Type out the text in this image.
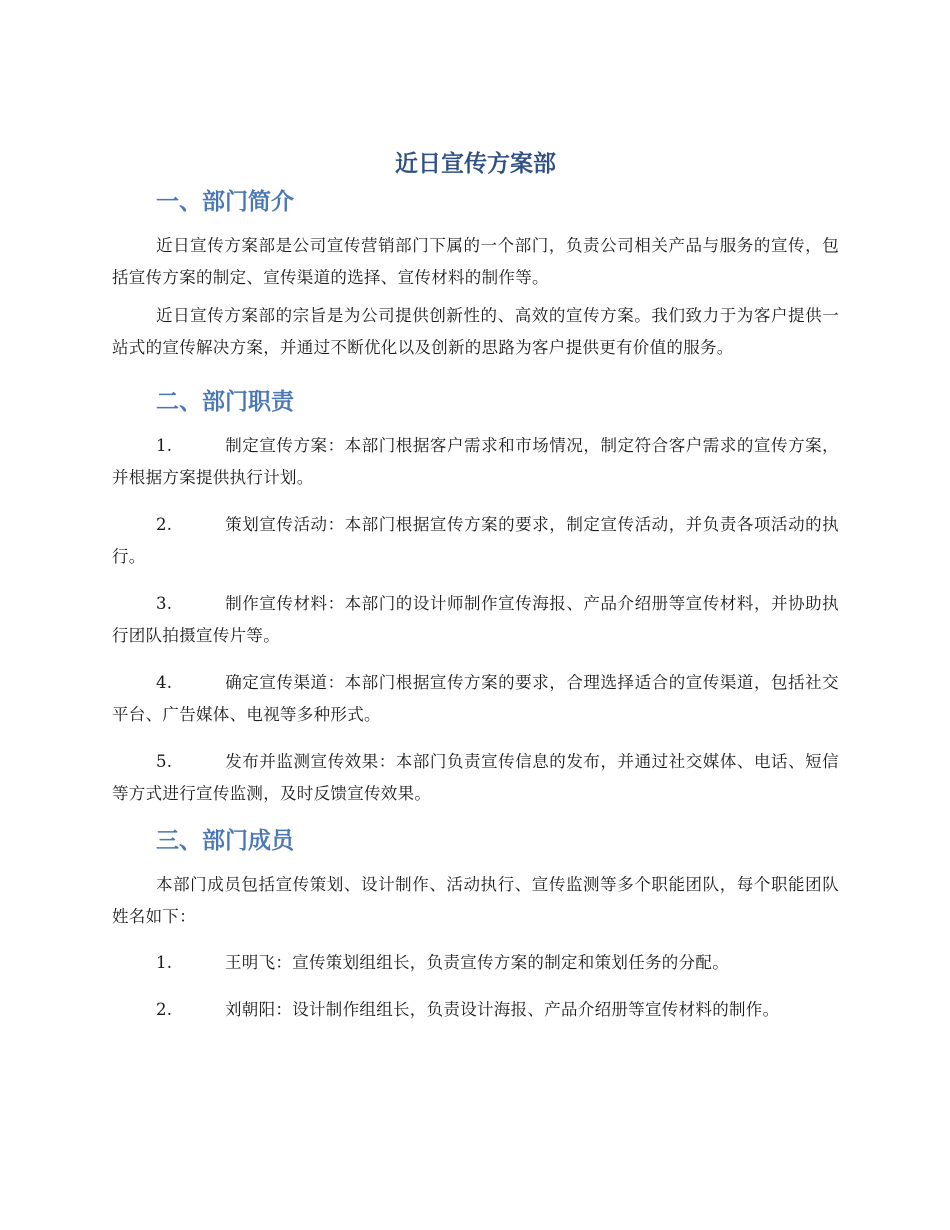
近日宣传方案部
一、部门简介

近日宣传方案部是公司宣传营销部门下属的一个部门，负责公司相关产品与服务的宣传，包括宣传方案的制定、宣传渠道的选择、宣传材料的制作等。

近日宣传方案部的宗旨是为公司提供创新性的、高效的宣传方案。我们致力于为客户提供一站式的宣传解决方案，并通过不断优化以及创新的思路为客户提供更有价值的服务。

二、部门职责

1.	制定宣传方案：本部门根据客户需求和市场情况，制定符合客户需求的宣传方案，并根据方案提供执行计划。

2.	策划宣传活动：本部门根据宣传方案的要求，制定宣传活动，并负责各项活动的执行。

3.	制作宣传材料：本部门的设计师制作宣传海报、产品介绍册等宣传材料，并协助执行团队拍摄宣传片等。

4.	确定宣传渠道：本部门根据宣传方案的要求，合理选择适合的宣传渠道，包括社交平台、广告媒体、电视等多种形式。

5.	发布并监测宣传效果：本部门负责宣传信息的发布，并通过社交媒体、电话、短信等方式进行宣传监测，及时反馈宣传效果。

三、部门成员

本部门成员包括宣传策划、设计制作、活动执行、宣传监测等多个职能团队，每个职能团队姓名如下：

1.	王明飞：宣传策划组组长，负责宣传方案的制定和策划任务的分配。

2.	刘朝阳：设计制作组组长，负责设计海报、产品介绍册等宣传材料的制作。
